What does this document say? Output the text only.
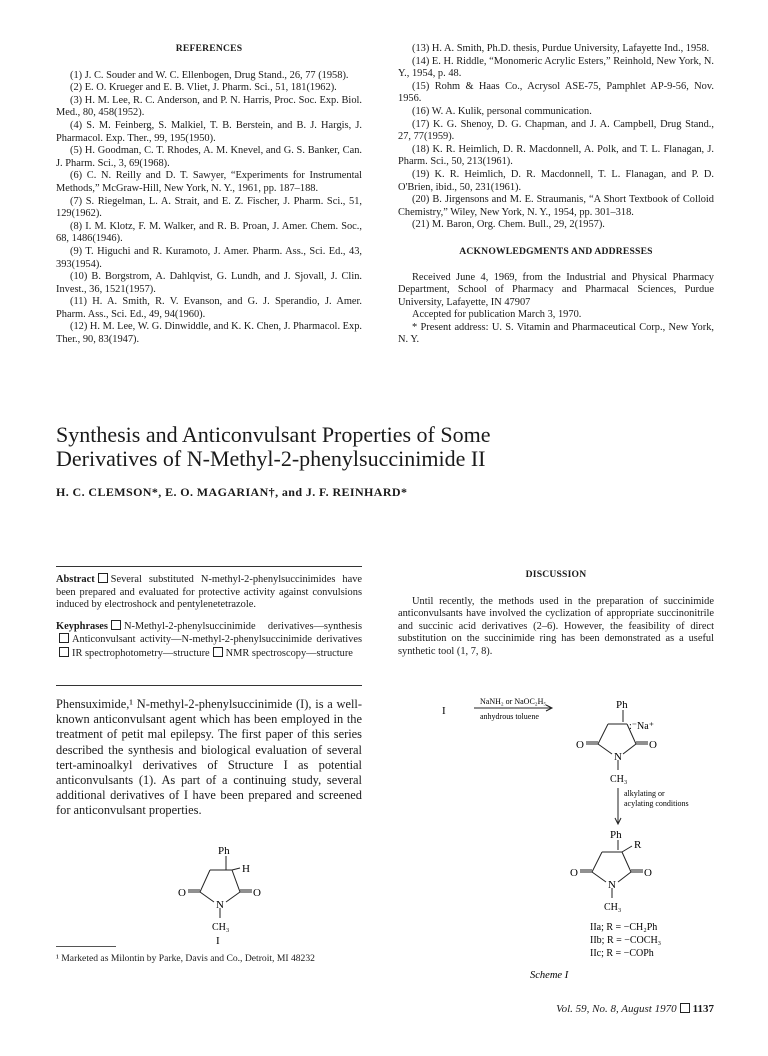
REFERENCES

(1) J. C. Souder and W. C. Ellenbogen, Drug Stand., 26, 77 (1958).

(2) E. O. Krueger and E. B. Vliet, J. Pharm. Sci., 51, 181(1962).

(3) H. M. Lee, R. C. Anderson, and P. N. Harris, Proc. Soc. Exp. Biol. Med., 80, 458(1952).

(4) S. M. Feinberg, S. Malkiel, T. B. Berstein, and B. J. Hargis, J. Pharmacol. Exp. Ther., 99, 195(1950).

(5) H. Goodman, C. T. Rhodes, A. M. Knevel, and G. S. Banker, Can. J. Pharm. Sci., 3, 69(1968).

(6) C. N. Reilly and D. T. Sawyer, “Experiments for Instrumental Methods,” McGraw-Hill, New York, N. Y., 1961, pp. 187–188.

(7) S. Riegelman, L. A. Strait, and E. Z. Fischer, J. Pharm. Sci., 51, 129(1962).

(8) I. M. Klotz, F. M. Walker, and R. B. Proan, J. Amer. Chem. Soc., 68, 1486(1946).

(9) T. Higuchi and R. Kuramoto, J. Amer. Pharm. Ass., Sci. Ed., 43, 393(1954).

(10) B. Borgstrom, A. Dahlqvist, G. Lundh, and J. Sjovall, J. Clin. Invest., 36, 1521(1957).

(11) H. A. Smith, R. V. Evanson, and G. J. Sperandio, J. Amer. Pharm. Ass., Sci. Ed., 49, 94(1960).

(12) H. M. Lee, W. G. Dinwiddle, and K. K. Chen, J. Pharmacol. Exp. Ther., 90, 83(1947).

(13) H. A. Smith, Ph.D. thesis, Purdue University, Lafayette Ind., 1958.

(14) E. H. Riddle, “Monomeric Acrylic Esters,” Reinhold, New York, N. Y., 1954, p. 48.

(15) Rohm & Haas Co., Acrysol ASE-75, Pamphlet AP-9-56, Nov. 1956.

(16) W. A. Kulik, personal communication.

(17) K. G. Shenoy, D. G. Chapman, and J. A. Campbell, Drug Stand., 27, 77(1959).

(18) K. R. Heimlich, D. R. Macdonnell, A. Polk, and T. L. Flanagan, J. Pharm. Sci., 50, 213(1961).

(19) K. R. Heimlich, D. R. Macdonnell, T. L. Flanagan, and P. D. O'Brien, ibid., 50, 231(1961).

(20) B. Jirgensons and M. E. Straumanis, “A Short Textbook of Colloid Chemistry,” Wiley, New York, N. Y., 1954, pp. 301–318.

(21) M. Baron, Org. Chem. Bull., 29, 2(1957).

ACKNOWLEDGMENTS AND ADDRESSES

Received June 4, 1969, from the Industrial and Physical Pharmacy Department, School of Pharmacy and Pharmacal Sciences, Purdue University, Lafayette, IN 47907

Accepted for publication March 3, 1970.

* Present address: U. S. Vitamin and Pharmaceutical Corp., New York, N. Y.

Synthesis and Anticonvulsant Properties of Some
Derivatives of N-Methyl-2-phenylsuccinimide II
H. C. CLEMSON*, E. O. MAGARIAN†, and J. F. REINHARD*

Abstract Several substituted N-methyl-2-phenylsuccinimides have been prepared and evaluated for protective activity against convulsions induced by electroshock and pentylenetetrazole.

Keyphrases N-Methyl-2-phenylsuccinimide derivatives—synthesisAnticonvulsant activity—N-methyl-2-phenylsuccinimide derivativesIR spectrophotometry—structure NMR spectroscopy—structure

Phensuximide,¹ N-methyl-2-phenylsuccinimide (I), is a well-known anticonvulsant agent which has been employed in the treatment of petit mal epilepsy. The first paper of this series described the synthesis and biological evaluation of several tert-aminoalkyl derivatives of Structure I as potential anticonvulsants (1). As part of a continuing study, several additional derivatives of I have been prepared and screened for anticonvulsant properties.
Ph
H
O	O
N
CH₃
I
¹ Marketed as Milontin by Parke, Davis and Co., Detroit, MI 48232
DISCUSSION

Until recently, the methods used in the preparation of succinimide anticonvulsants have involved the cyclization of appropriate succinonitrile and succinic acid derivatives (2–6). However, the feasibility of direct substitution on the succinimide ring has been demonstrated as a useful synthetic tool (1, 7, 8).

I
NaNH₂ or NaOC₂H₅
anhydrous toluene
Ph
:⁻Na⁺
O	O
N
CH₃
alkylating or
acylating conditions
Ph
R
O	O
N
CH₃
IIa; R = −CH₂Ph
IIb; R = −COCH₃
IIc; R = −COPh
Scheme I
Vol. 59, No. 8, August 1970 1137
